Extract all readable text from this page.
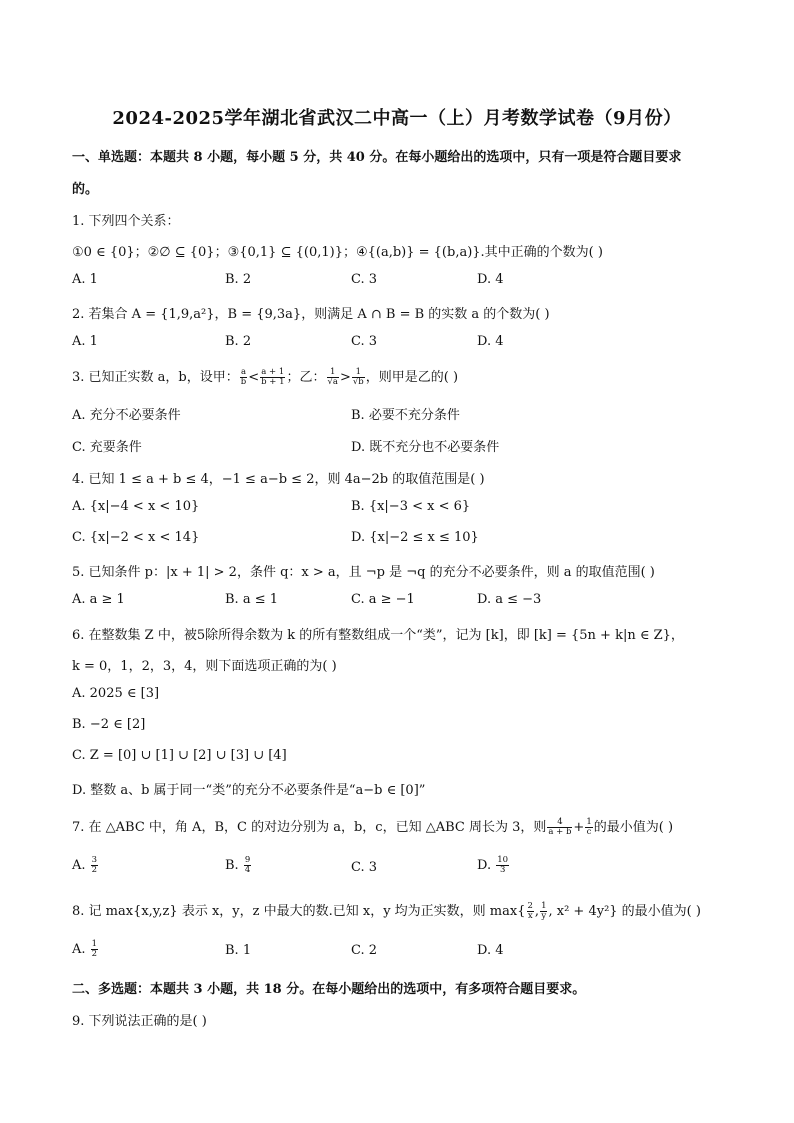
2024-2025学年湖北省武汉二中高一（上）月考数学试卷（9月份）
一、单选题：本题共 8 小题，每小题 5 分，共 40 分。在每小题给出的选项中，只有一项是符合题目要求
的。
1. 下列四个关系：
①0 ∈ {0}；②∅ ⊆ {0}；③{0,1} ⊆ {(0,1)}；④{(a,b)} = {(b,a)}.其中正确的个数为( )
A. 1	B. 2	C. 3	D. 4
2. 若集合 A = {1,9,a²}，B = {9,3a}，则满足 A ∩ B = B 的实数 a 的个数为( )
A. 1	B. 2	C. 3	D. 4
3. 已知正实数 a，b，设甲： $\frac{a}{b} < \frac{a + 1}{b + 1}$ ；乙： $\frac{1}{√a} > \frac{1}{√b}$ ，则甲是乙的( )
A. 充分不必要条件	B. 必要不充分条件
C. 充要条件	D. 既不充分也不必要条件
4. 已知 1 ≤ a + b ≤ 4，−1 ≤ a−b ≤ 2，则 4a−2b 的取值范围是( )
A. {x|−4 < x < 10}	B. {x|−3 < x < 6}
C. {x|−2 < x < 14}	D. {x|−2 ≤ x ≤ 10}
5. 已知条件 p：|x + 1| > 2，条件 q：x > a，且 ¬p 是 ¬q 的充分不必要条件，则 a 的取值范围( )
A. a ≥ 1	B. a ≤ 1	C. a ≥ −1	D. a ≤ −3
6. 在整数集 Z 中，被5除所得余数为 k 的所有整数组成一个“类”，记为 [k]，即 [k] = {5n + k|n ∈ Z}，
k = 0，1，2，3，4，则下面选项正确的为( )
A. 2025 ∈ [3]
B. −2 ∈ [2]
C. Z = [0] ∪ [1] ∪ [2] ∪ [3] ∪ [4]
D. 整数 a、b 属于同一“类”的充分不必要条件是“a−b ∈ [0]”
7. 在 △ABC 中，角 A，B，C 的对边分别为 a，b，c，已知 △ABC 周长为 3，则 $\frac{4}{a + b} + \frac{1}{c}$ 的最小值为( )
A. $\frac{3}{2}$	B. $\frac{9}{4}$	C. 3	D. $\frac{10}{3}$
8. 记 max{x,y,z} 表示 x，y，z 中最大的数.已知 x，y 均为正实数，则 $\max\{ \frac{2}{x}$ , $\frac{1}{y}$ , x² + 4y²} 的最小值为( )
A. $\frac{1}{2}$	B. 1	C. 2	D. 4
二、多选题：本题共 3 小题，共 18 分。在每小题给出的选项中，有多项符合题目要求。
9. 下列说法正确的是( )
